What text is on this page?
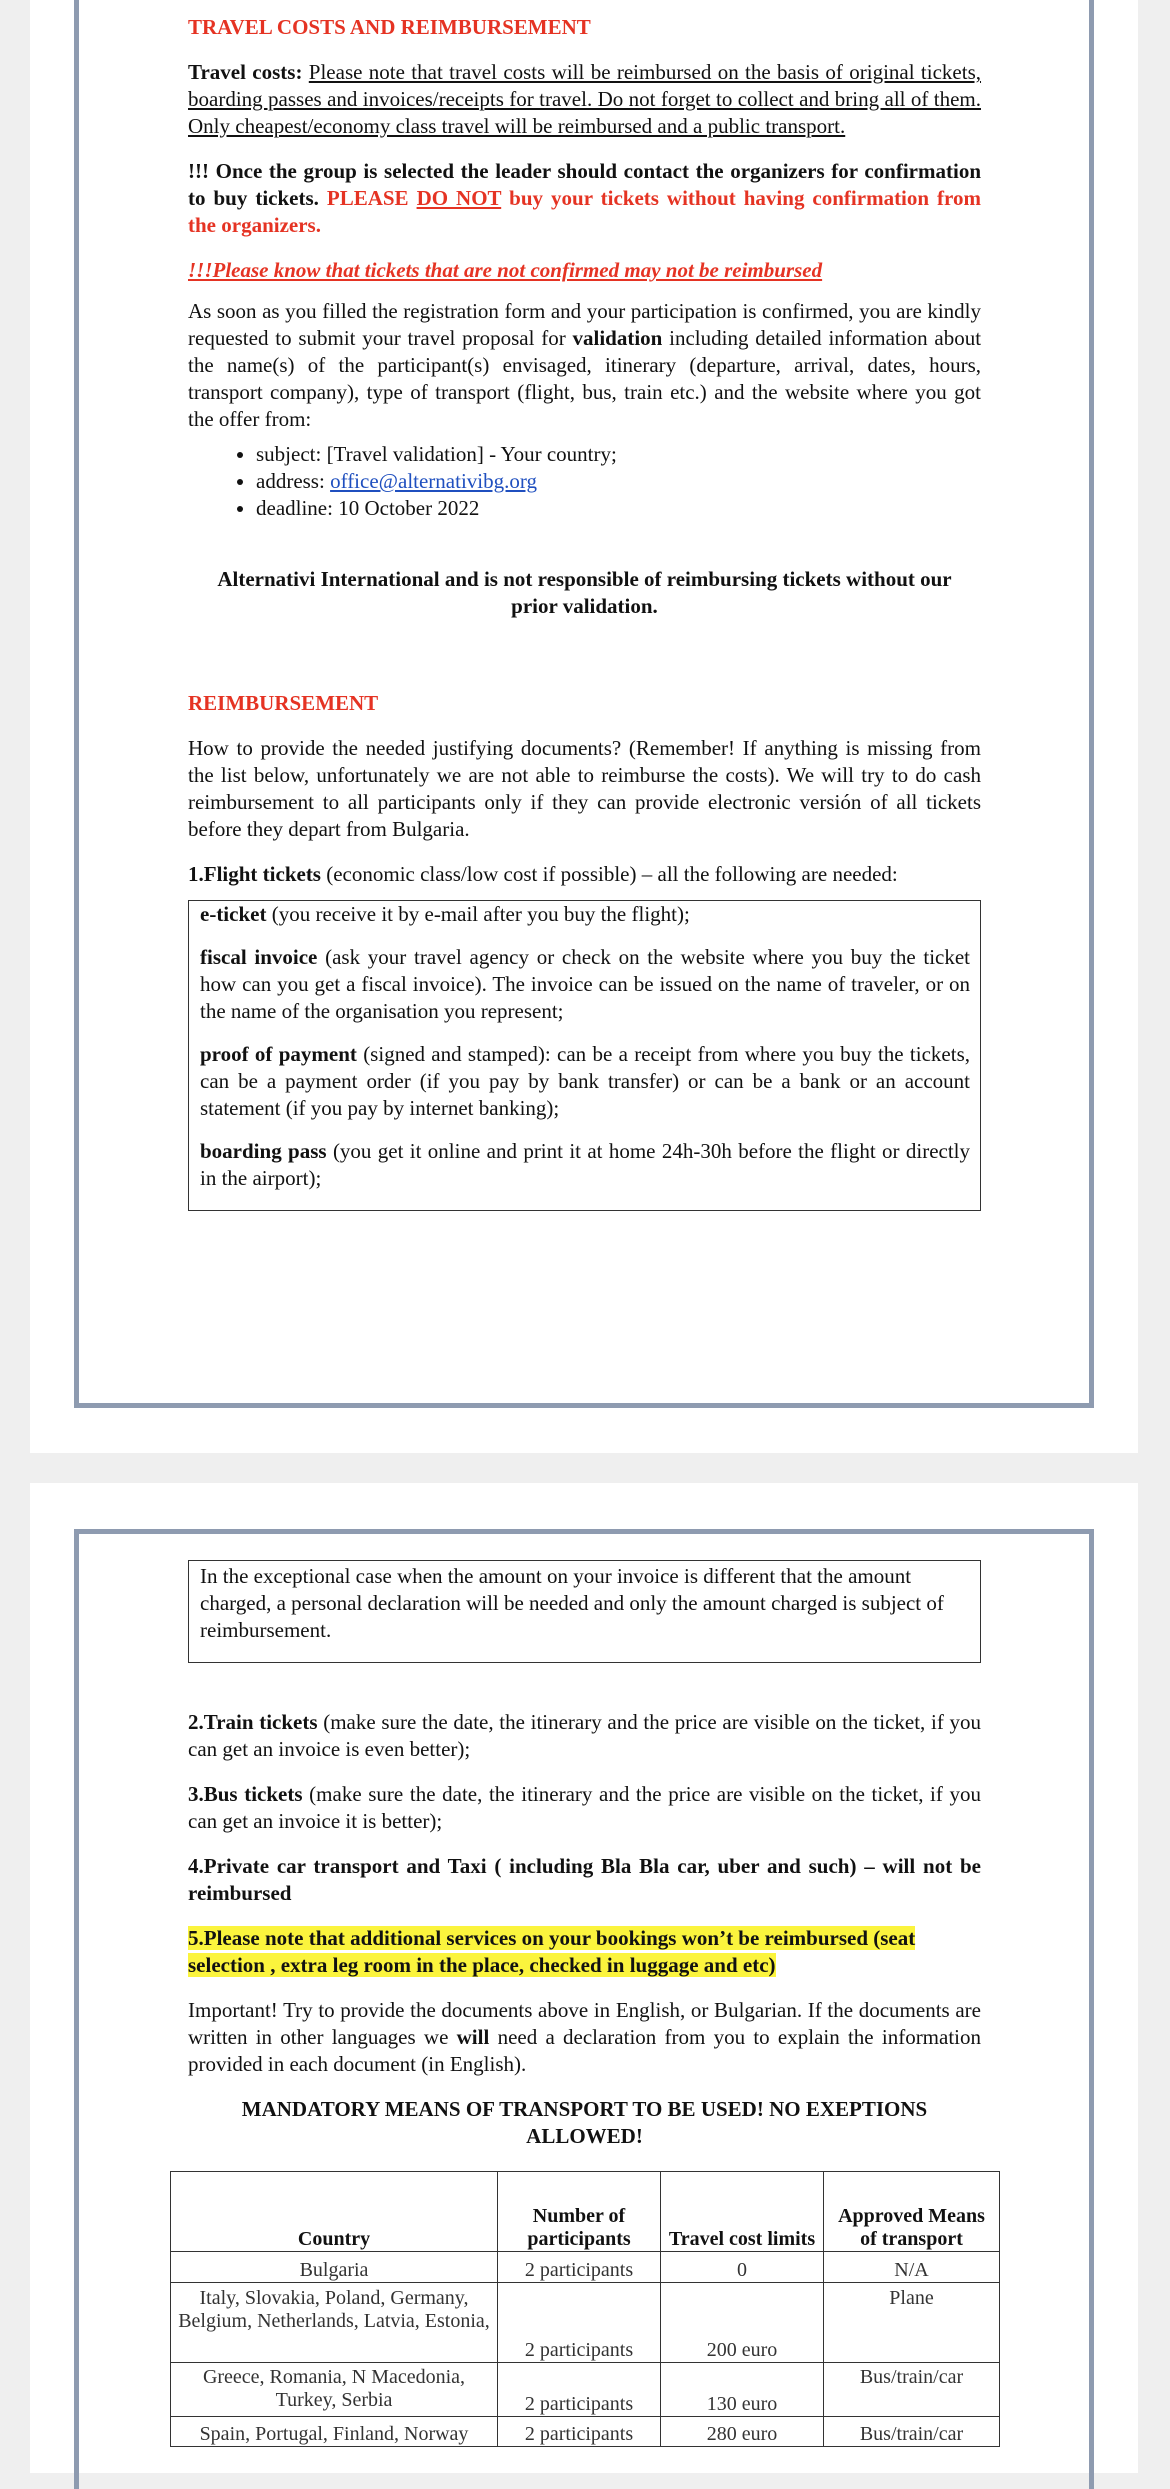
TRAVEL COSTS AND REIMBURSEMENT

Travel costs: Please note that travel costs will be reimbursed on the basis of original tickets, boarding passes and invoices/receipts for travel. Do not forget to collect and bring all of them. Only cheapest/economy class travel will be reimbursed and a public transport.

!!! Once the group is selected the leader should contact the organizers for confirmation to buy tickets. PLEASE DO NOT buy your tickets without having confirmation from the organizers.

!!!Please know that tickets that are not confirmed may not be reimbursed

As soon as you filled the registration form and your participation is confirmed, you are kindly requested to submit your travel proposal for validation including detailed information about the name(s) of the participant(s) envisaged, itinerary (departure, arrival, dates, hours, transport company), type of transport (flight, bus, train etc.) and the website where you got the offer from:

• subject: [Travel validation] - Your country;
• address: office@alternativibg.org
• deadline: 10 October 2022

Alternativi International and is not responsible of reimbursing tickets without our prior validation.

REIMBURSEMENT

How to provide the needed justifying documents? (Remember! If anything is missing from the list below, unfortunately we are not able to reimburse the costs). We will try to do cash reimbursement to all participants only if they can provide electronic versión of all tickets before they depart from Bulgaria.

1.Flight tickets (economic class/low cost if possible) – all the following are needed:

e-ticket (you receive it by e-mail after you buy the flight);

fiscal invoice (ask your travel agency or check on the website where you buy the ticket how can you get a fiscal invoice). The invoice can be issued on the name of traveler, or on the name of the organisation you represent;

proof of payment (signed and stamped): can be a receipt from where you buy the tickets, can be a payment order (if you pay by bank transfer) or can be a bank or an account statement (if you pay by internet banking);

boarding pass (you get it online and print it at home 24h-30h before the flight or directly in the airport);

In the exceptional case when the amount on your invoice is different that the amount charged, a personal declaration will be needed and only the amount charged is subject of reimbursement.

2.Train tickets (make sure the date, the itinerary and the price are visible on the ticket, if you can get an invoice is even better);

3.Bus tickets (make sure the date, the itinerary and the price are visible on the ticket, if you can get an invoice it is better);

4.Private car transport and Taxi ( including Bla Bla car, uber and such) – will not be reimbursed

5.Please note that additional services on your bookings won’t be reimbursed (seat selection , extra leg room in the place, checked in luggage and etc)

Important! Try to provide the documents above in English, or Bulgarian. If the documents are written in other languages we will need a declaration from you to explain the information provided in each document (in English).

MANDATORY MEANS OF TRANSPORT TO BE USED! NO EXEPTIONS ALLOWED!

Country	Number of participants	Travel cost limits	Approved Means of transport
Bulgaria	2 participants	0	N/A
Italy, Slovakia, Poland, Germany, Belgium, Netherlands, Latvia, Estonia,	2 participants	200 euro	Plane
Greece, Romania, N Macedonia, Turkey, Serbia	2 participants	130 euro	Bus/train/car
Spain, Portugal, Finland, Norway	2 participants	280 euro	Bus/train/car
